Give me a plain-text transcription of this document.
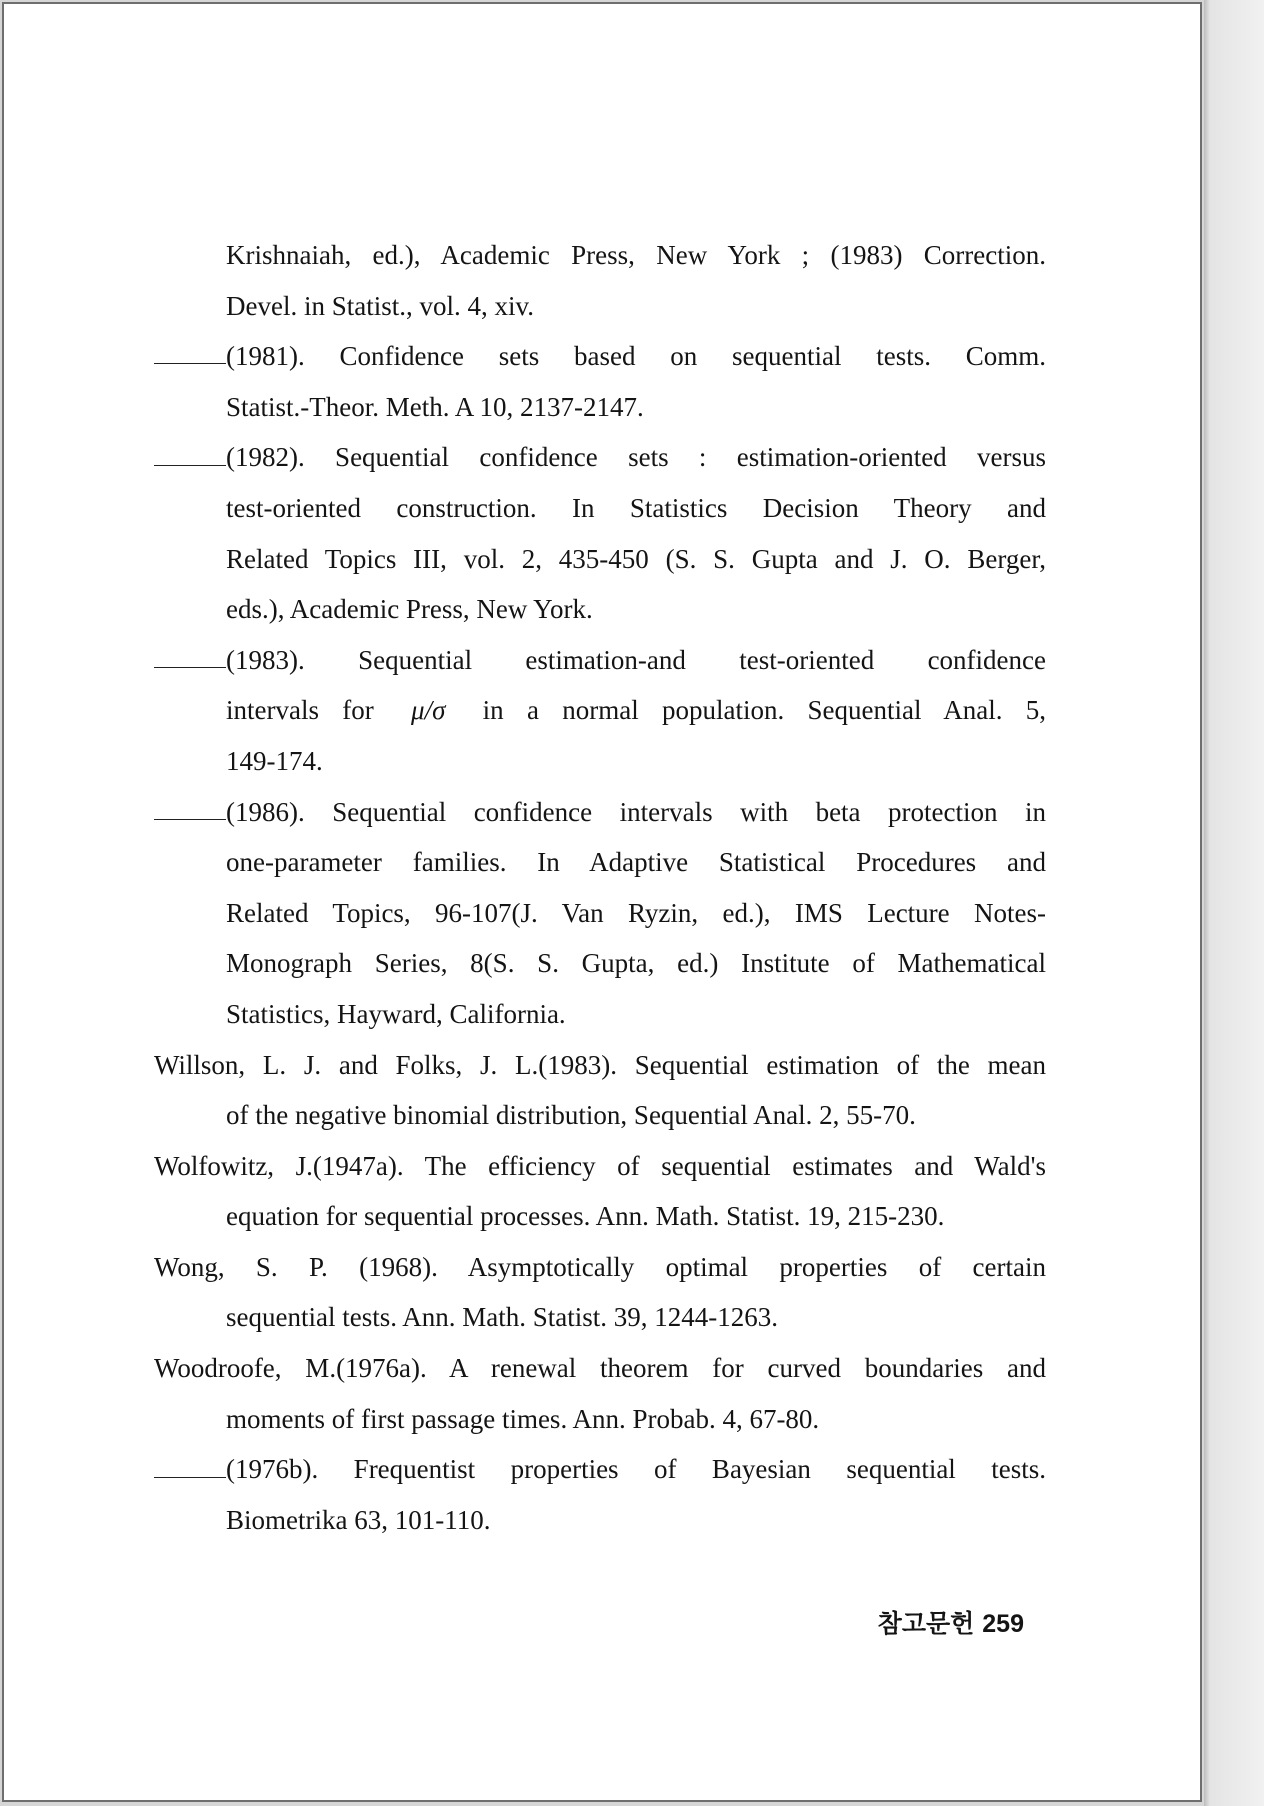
Krishnaiah, ed.), Academic Press, New York ; (1983) Correction.
Devel. in Statist., vol. 4, xiv.
(1981). Confidence sets based on sequential tests. Comm.
Statist.-Theor. Meth. A 10, 2137-2147.
(1982). Sequential confidence sets : estimation-oriented versus
test-oriented construction. In Statistics Decision Theory and
Related Topics III, vol. 2, 435-450 (S. S. Gupta and J. O. Berger,
eds.), Academic Press, New York.
(1983). Sequential estimation-and test-oriented confidence
intervals for μ/σ in a normal population. Sequential Anal. 5,
149-174.
(1986). Sequential confidence intervals with beta protection in
one-parameter families. In Adaptive Statistical Procedures and
Related Topics, 96-107(J. Van Ryzin, ed.), IMS Lecture Notes-
Monograph Series, 8(S. S. Gupta, ed.) Institute of Mathematical
Statistics, Hayward, California.
Willson, L. J. and Folks, J. L.(1983). Sequential estimation of the mean
of the negative binomial distribution, Sequential Anal. 2, 55-70.
Wolfowitz, J.(1947a). The efficiency of sequential estimates and Wald's
equation for sequential processes. Ann. Math. Statist. 19, 215-230.
Wong, S. P. (1968). Asymptotically optimal properties of certain
sequential tests. Ann. Math. Statist. 39, 1244-1263.
Woodroofe, M.(1976a). A renewal theorem for curved boundaries and
moments of first passage times. Ann. Probab. 4, 67-80.
(1976b). Frequentist properties of Bayesian sequential tests.
Biometrika 63, 101-110.
참고문헌 259
